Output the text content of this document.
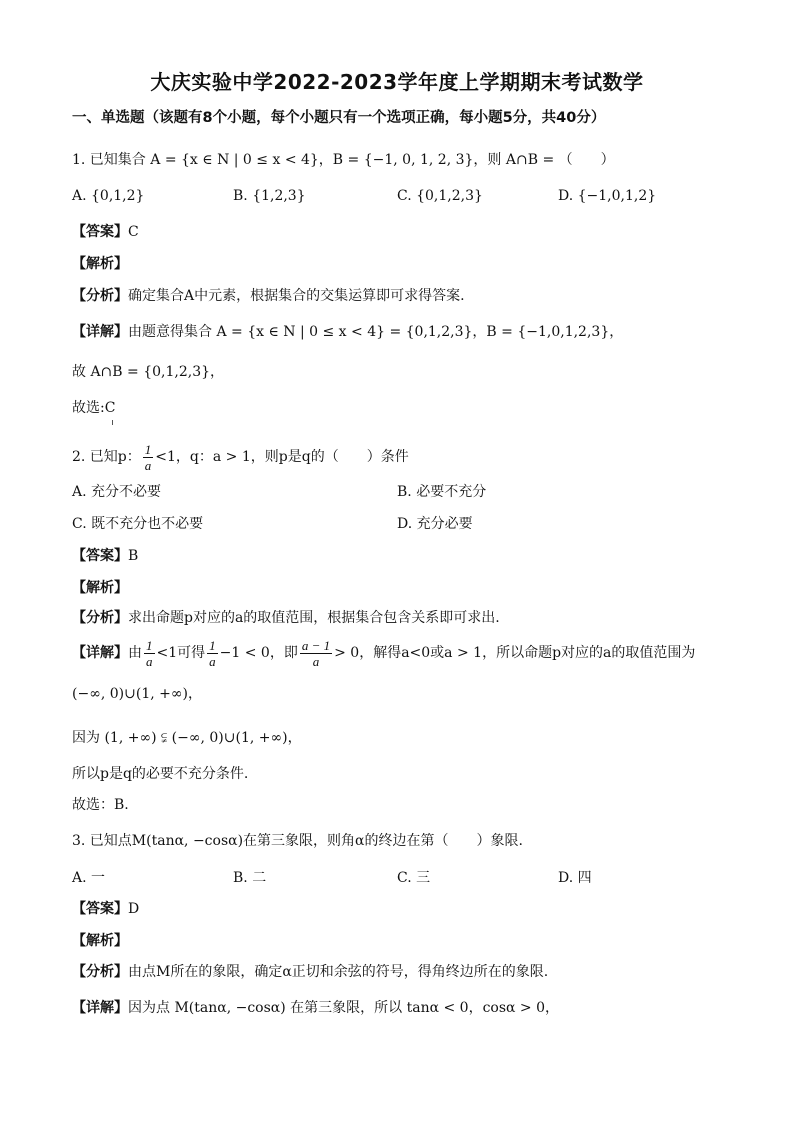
大庆实验中学2022-2023学年度上学期期末考试数学
一、单选题（该题有8个小题，每个小题只有一个选项正确，每小题5分，共40分）
1. 已知集合 A = {x ∈ N | 0 ≤ x < 4}，B = {−1, 0, 1, 2, 3}，则 A∩B = （　　）
A. {0,1,2}	B. {1,2,3}	C. {0,1,2,3}	D. {−1,0,1,2}
【答案】C
【解析】
【分析】确定集合A中元素，根据集合的交集运算即可求得答案.
【详解】由题意得集合 A = {x ∈ N | 0 ≤ x < 4} = {0,1,2,3}，B = {−1,0,1,2,3}，
故 A∩B = {0,1,2,3}，
故选:C
2. 已知p： $\frac{1}{a} <1$，q：a > 1，则p是q的（　　）条件
A. 充分不必要	B. 必要不充分
C. 既不充分也不必要	D. 充分必要
【答案】B
【解析】
【分析】求出命题p对应的a的取值范围，根据集合包含关系即可求出.
【详解】由 $\frac{1}{a} <1$可得 $\frac{1}{a} -1 < 0$，即 $\frac{a - 1}{a} > 0$，解得a<0或a > 1，所以命题p对应的a的取值范围为
(−∞, 0)∪(1, +∞)，
因为 (1, +∞) ⫋ (−∞, 0)∪(1, +∞)，
所以p是q的必要不充分条件.
故选：B.
3. 已知点M(tanα, −cosα)在第三象限，则角α的终边在第（　　）象限.
A. 一	B. 二	C. 三	D. 四
【答案】D
【解析】
【分析】由点M所在的象限，确定α正切和余弦的符号，得角终边所在的象限.
【详解】因为点 M(tanα, −cosα) 在第三象限，所以 tanα < 0，cosα > 0，
